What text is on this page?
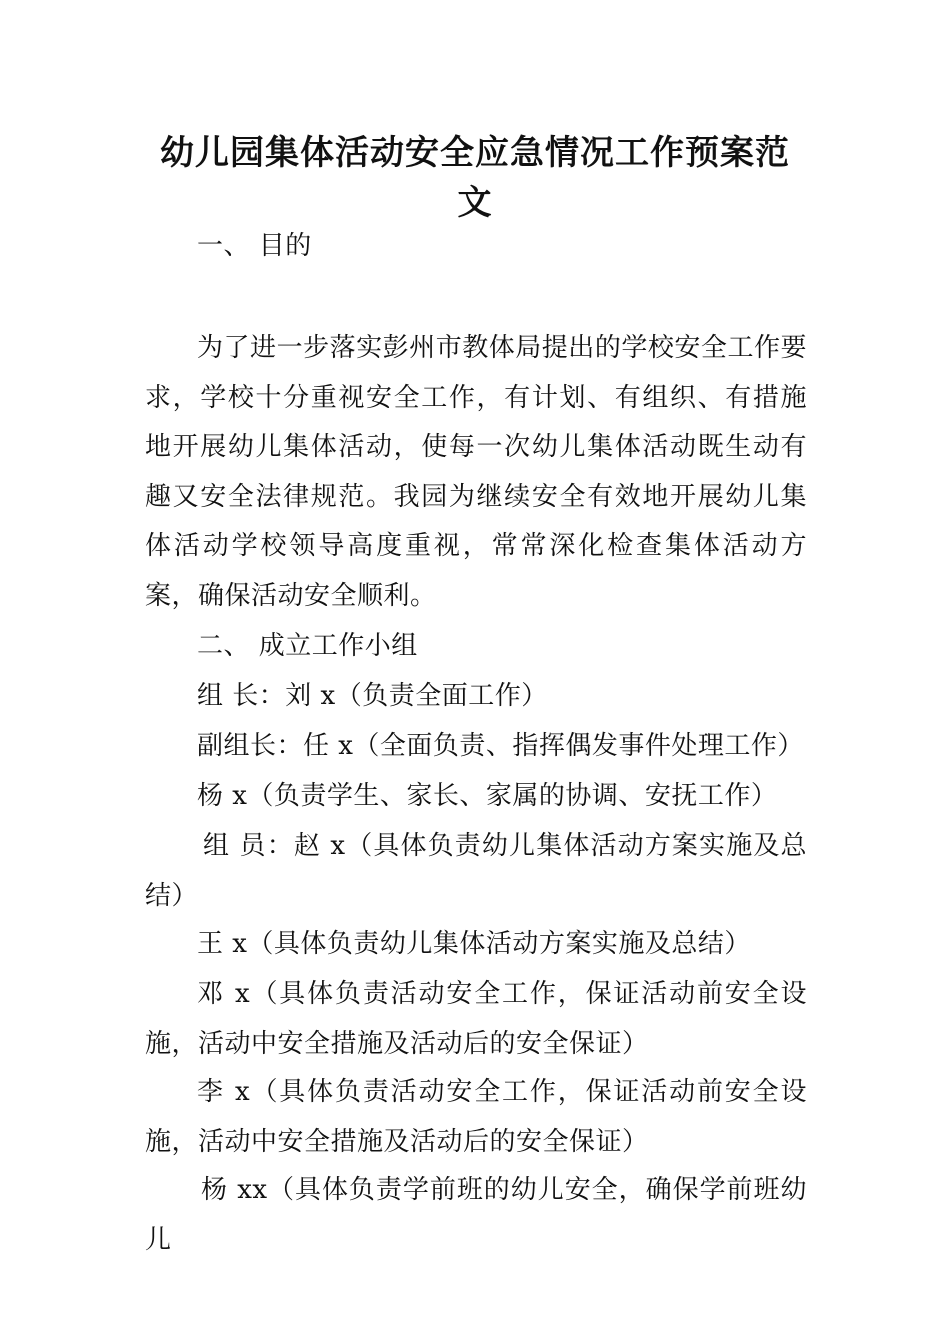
幼儿园集体活动安全应急情况工作预案范文

一、 目的

为了进一步落实彭州市教体局提出的学校安全工作要求，学校十分重视安全工作，有计划、有组织、有措施地开展幼儿集体活动，使每一次幼儿集体活动既生动有趣又安全法律规范。我园为继续安全有效地开展幼儿集体活动学校领导高度重视，常常深化检查集体活动方案，确保活动安全顺利。

二、 成立工作小组

组 长：刘 x（负责全面工作）

副组长：任 x（全面负责、指挥偶发事件处理工作）

杨 x（负责学生、家长、家属的协调、安抚工作）

组 员：赵 x（具体负责幼儿集体活动方案实施及总结）

王 x（具体负责幼儿集体活动方案实施及总结）

邓 x（具体负责活动安全工作，保证活动前安全设施，活动中安全措施及活动后的安全保证）

李 x（具体负责活动安全工作，保证活动前安全设施，活动中安全措施及活动后的安全保证）

杨 xx（具体负责学前班的幼儿安全，确保学前班幼儿
